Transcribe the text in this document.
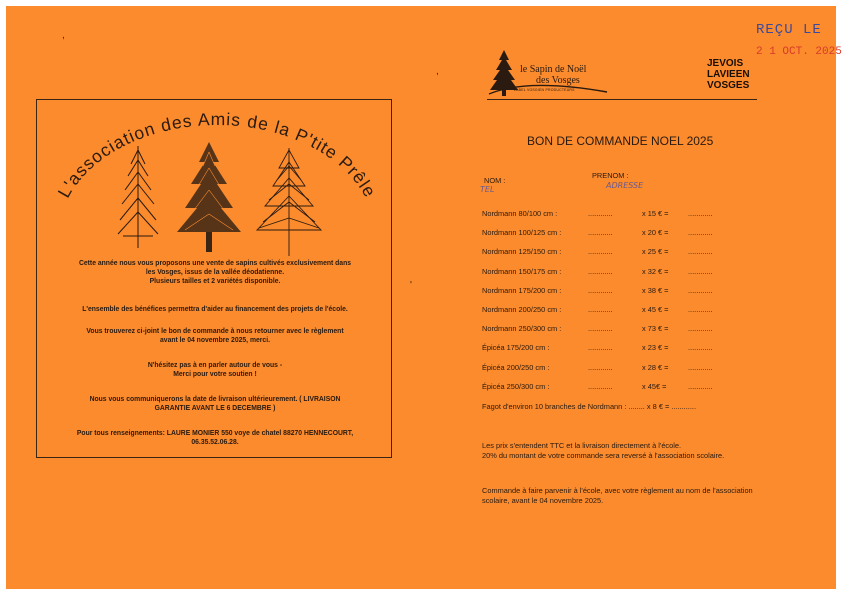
L'association des Amis de la P'tite Prêle
Cette année nous vous proposons une vente de sapins cultivés exclusivement dans
les Vosges, issus de la vallée déodatienne.
Plusieurs tailles et 2 variétés disponible.
L'ensemble des bénéfices permettra d'aider au financement des projets de l'école.
Vous trouverez ci-joint le bon de commande à nous retourner avec le règlement
avant le 04 novembre 2025, merci.
N'hésitez pas à en parler autour de vous -
Merci pour votre soutien !
Nous vous communiquerons la date de livraison ultérieurement. ( LIVRAISON
GARANTIE AVANT LE 6 DECEMBRE )
Pour tous renseignements: LAURE MONIER 550 voye de chatel 88270 HENNECOURT,
06.35.52.06.28.
le Sapin de Noël
des Vosges
LABEL VOSGIEN PRODUCTEURS
JEVOIS
LAVIEEN
VOSGES
REÇU LE
2 1 OCT. 2025
BON DE COMMANDE NOEL 2025
NOM :
PRENOM :
TEL	ADRESSE
Nordmann 80/100 cm :	............	x 15 € =	............
Nordmann 100/125 cm :	............	x 20 € =	............
Nordmann 125/150 cm :	............	x 25 € =	............
Nordmann 150/175 cm :	............	x 32 € =	............
Nordmann 175/200 cm :	............	x 38 € =	............
Nordmann 200/250 cm :	............	x 45 € =	............
Nordmann 250/300 cm :	............	x 73 € =	............
Épicéa 175/200 cm :	............	x 23 € =	............
Épicéa 200/250 cm :	............	x 28 € =	............
Épicéa 250/300 cm :	............	x 45€ =	............
Fagot d'environ 10 branches de Nordmann : ........ x 8 € = ............
Les prix s'entendent TTC et la livraison directement à l'école.
20% du montant de votre commande sera reversé à l'association scolaire.
Commande à faire parvenir à l'école, avec votre règlement au nom de l'association scolaire, avant le 04 novembre 2025.
,
'
,
